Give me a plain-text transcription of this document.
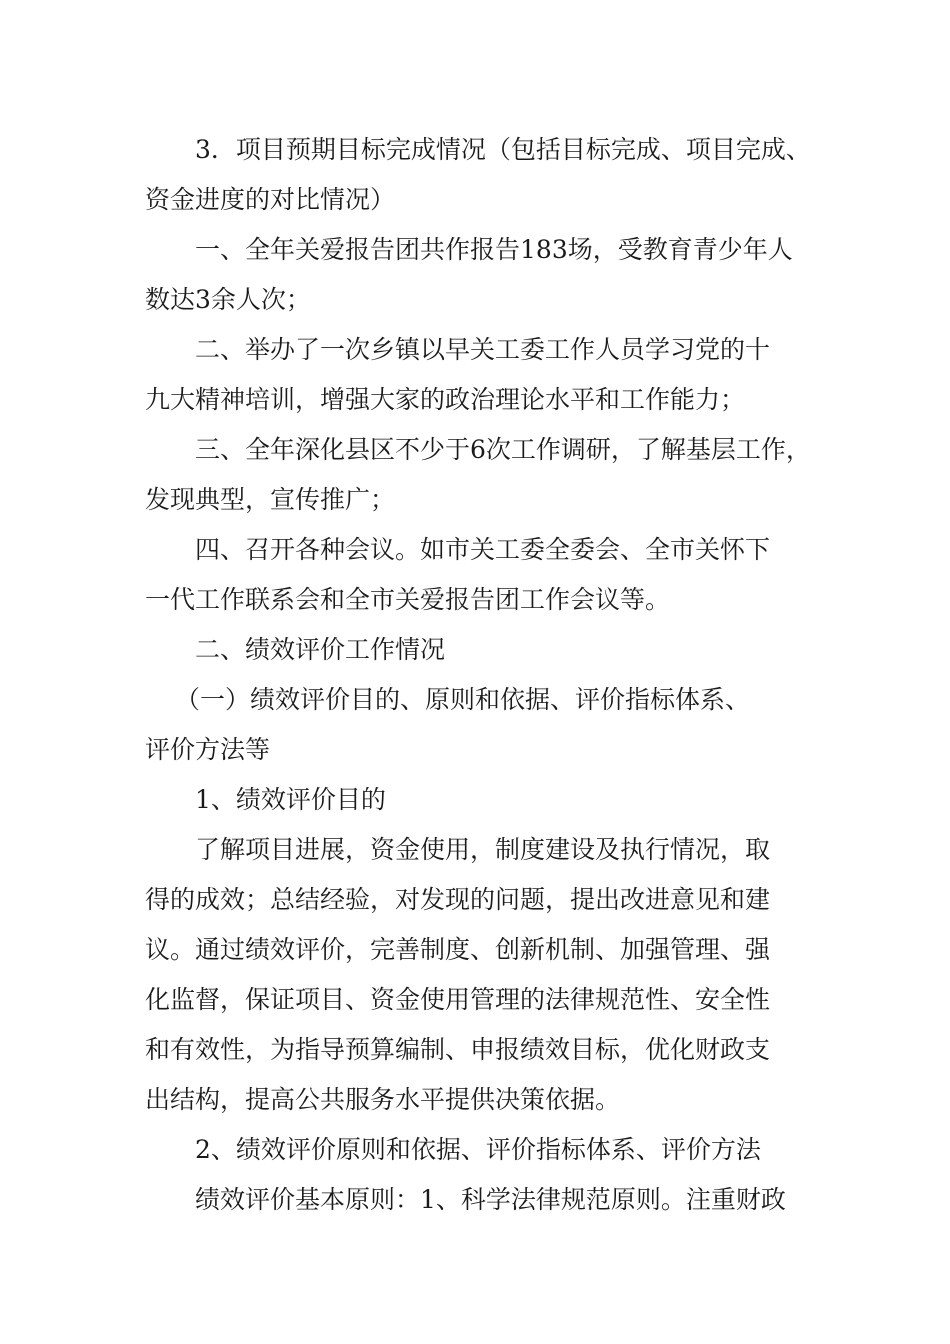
3．项目预期目标完成情况（包括目标完成、项目完成、
资金进度的对比情况）
一、全年关爱报告团共作报告183场，受教育青少年人
数达3余人次；
二、举办了一次乡镇以早关工委工作人员学习党的十
九大精神培训，增强大家的政治理论水平和工作能力；
三、全年深化县区不少于6次工作调研，了解基层工作，
发现典型，宣传推广；
四、召开各种会议。如市关工委全委会、全市关怀下
一代工作联系会和全市关爱报告团工作会议等。
二、绩效评价工作情况
（一）绩效评价目的、原则和依据、评价指标体系、
评价方法等
1、绩效评价目的
了解项目进展，资金使用，制度建设及执行情况，取
得的成效；总结经验，对发现的问题，提出改进意见和建
议。通过绩效评价，完善制度、创新机制、加强管理、强
化监督，保证项目、资金使用管理的法律规范性、安全性
和有效性，为指导预算编制、申报绩效目标，优化财政支
出结构，提高公共服务水平提供决策依据。
2、绩效评价原则和依据、评价指标体系、评价方法
绩效评价基本原则：1、科学法律规范原则。注重财政
